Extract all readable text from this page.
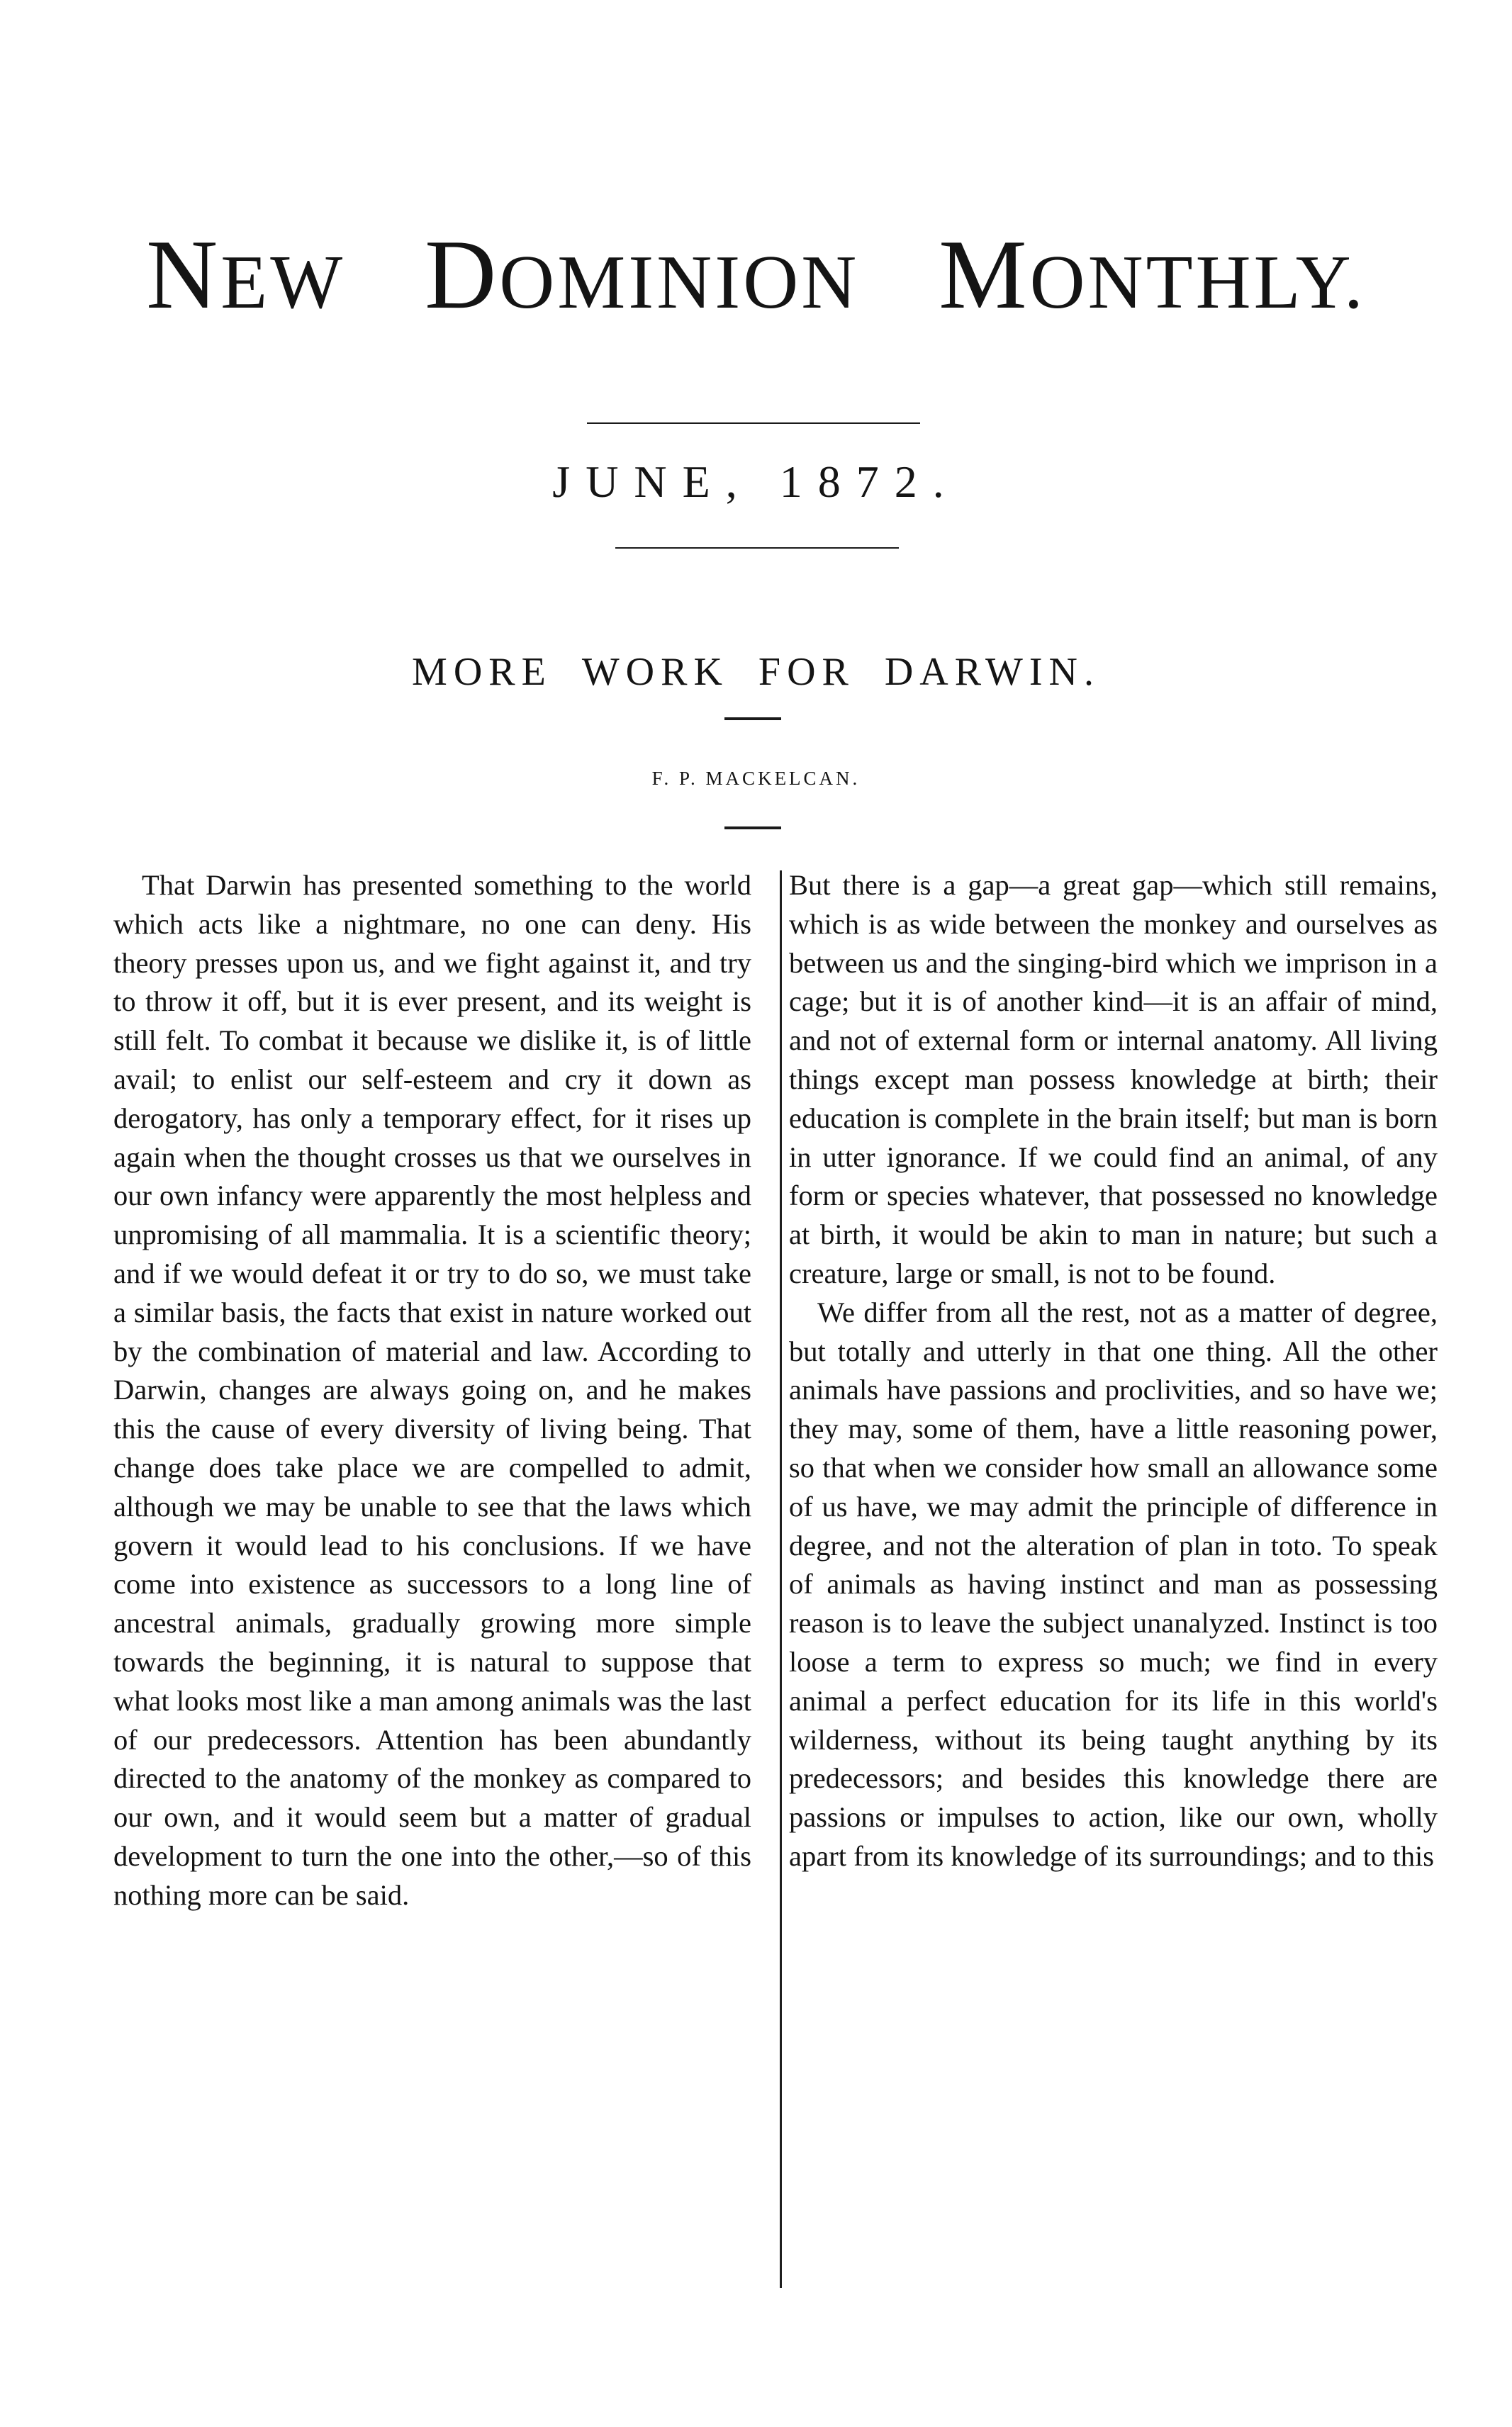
NEW DOMINION MONTHLY.
JUNE, 1872.
MORE WORK FOR DARWIN.
F. P. MACKELCAN.

That Darwin has presented something to the world which acts like a nightmare, no one can deny. His theory presses upon us, and we fight against it, and try to throw it off, but it is ever present, and its weight is still felt. To combat it because we dislike it, is of little avail; to enlist our self-esteem and cry it down as derogatory, has only a temporary effect, for it rises up again when the thought crosses us that we ourselves in our own infancy were apparently the most helpless and unpromising of all mammalia. It is a scientific theory; and if we would defeat it or try to do so, we must take a similar basis, the facts that exist in nature worked out by the combination of material and law. According to Darwin, changes are always going on, and he makes this the cause of every diversity of living being. That change does take place we are compelled to admit, although we may be unable to see that the laws which govern it would lead to his conclusions. If we have come into existence as successors to a long line of ancestral animals, gradually growing more simple towards the beginning, it is natural to suppose that what looks most like a man among animals was the last of our predecessors. Attention has been abundantly directed to the anatomy of the monkey as compared to our own, and it would seem but a matter of gradual development to turn the one into the other,—so of this nothing more can be said.

But there is a gap—a great gap—which still remains, which is as wide between the monkey and ourselves as between us and the singing-bird which we imprison in a cage; but it is of another kind—it is an affair of mind, and not of external form or internal anatomy. All living things except man possess knowledge at birth; their education is complete in the brain itself; but man is born in utter ignorance. If we could find an animal, of any form or species whatever, that possessed no knowledge at birth, it would be akin to man in nature; but such a creature, large or small, is not to be found.

We differ from all the rest, not as a matter of degree, but totally and utterly in that one thing. All the other animals have passions and proclivities, and so have we; they may, some of them, have a little reasoning power, so that when we consider how small an allowance some of us have, we may admit the principle of difference in degree, and not the alteration of plan in toto. To speak of animals as having instinct and man as possessing reason is to leave the subject unanalyzed. Instinct is too loose a term to express so much; we find in every animal a perfect education for its life in this world's wilderness, without its being taught anything by its predecessors; and besides this knowledge there are passions or impulses to action, like our own, wholly apart from its knowledge of its surroundings; and to this
